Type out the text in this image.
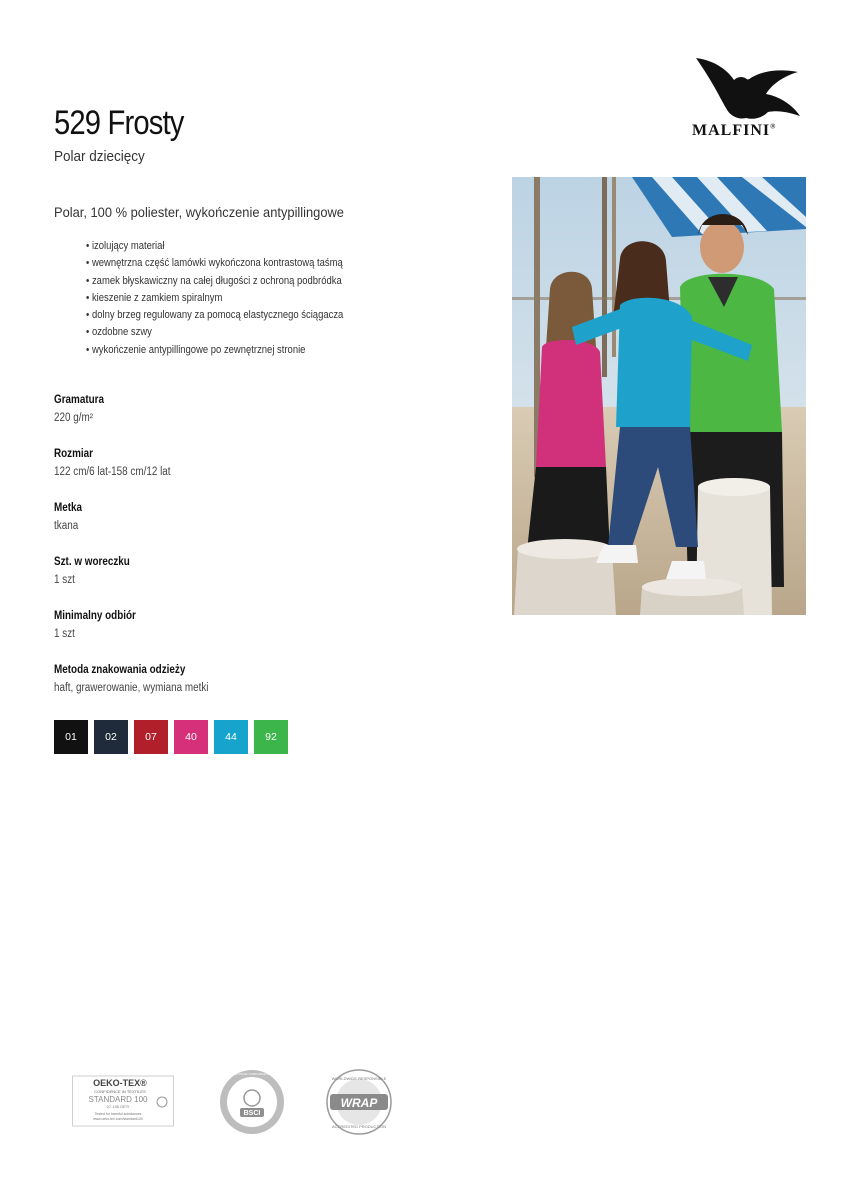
529 Frosty
Polar dziecięcy
MALFINI®
Polar, 100 % poliester, wykończenie antypillingowe
• izolujący materiał
• wewnętrzna część lamówki wykończona kontrastową taśmą
• zamek błyskawiczny na całej długości z ochroną podbródka
• kieszenie z zamkiem spiralnym
• dolny brzeg regulowany za pomocą elastycznego ściągacza
• ozdobne szwy
• wykończenie antypillingowe po zewnętrznej stronie
Gramatura
220 g/m²
Rozmiar
122 cm/6 lat-158 cm/12 lat
Metka
tkana
Szt. w woreczku
1 szt
Minimalny odbiór
1 szt
Metoda znakowania odzieży
haft, grawerowanie, wymiana metki
01	02	07	40	44	92
OEKO-TEX®
CONFIDENCE IN TEXTILES
STANDARD 100
07.136 OETI
Tested for harmful substances
www.oeko-tex.com/standard100
BSCI
BUSINESS SOCIAL COMPLIANCE INITIATIVE
WRAP
WORLDWIDE RESPONSIBLE
ACCREDITED PRODUCTION
